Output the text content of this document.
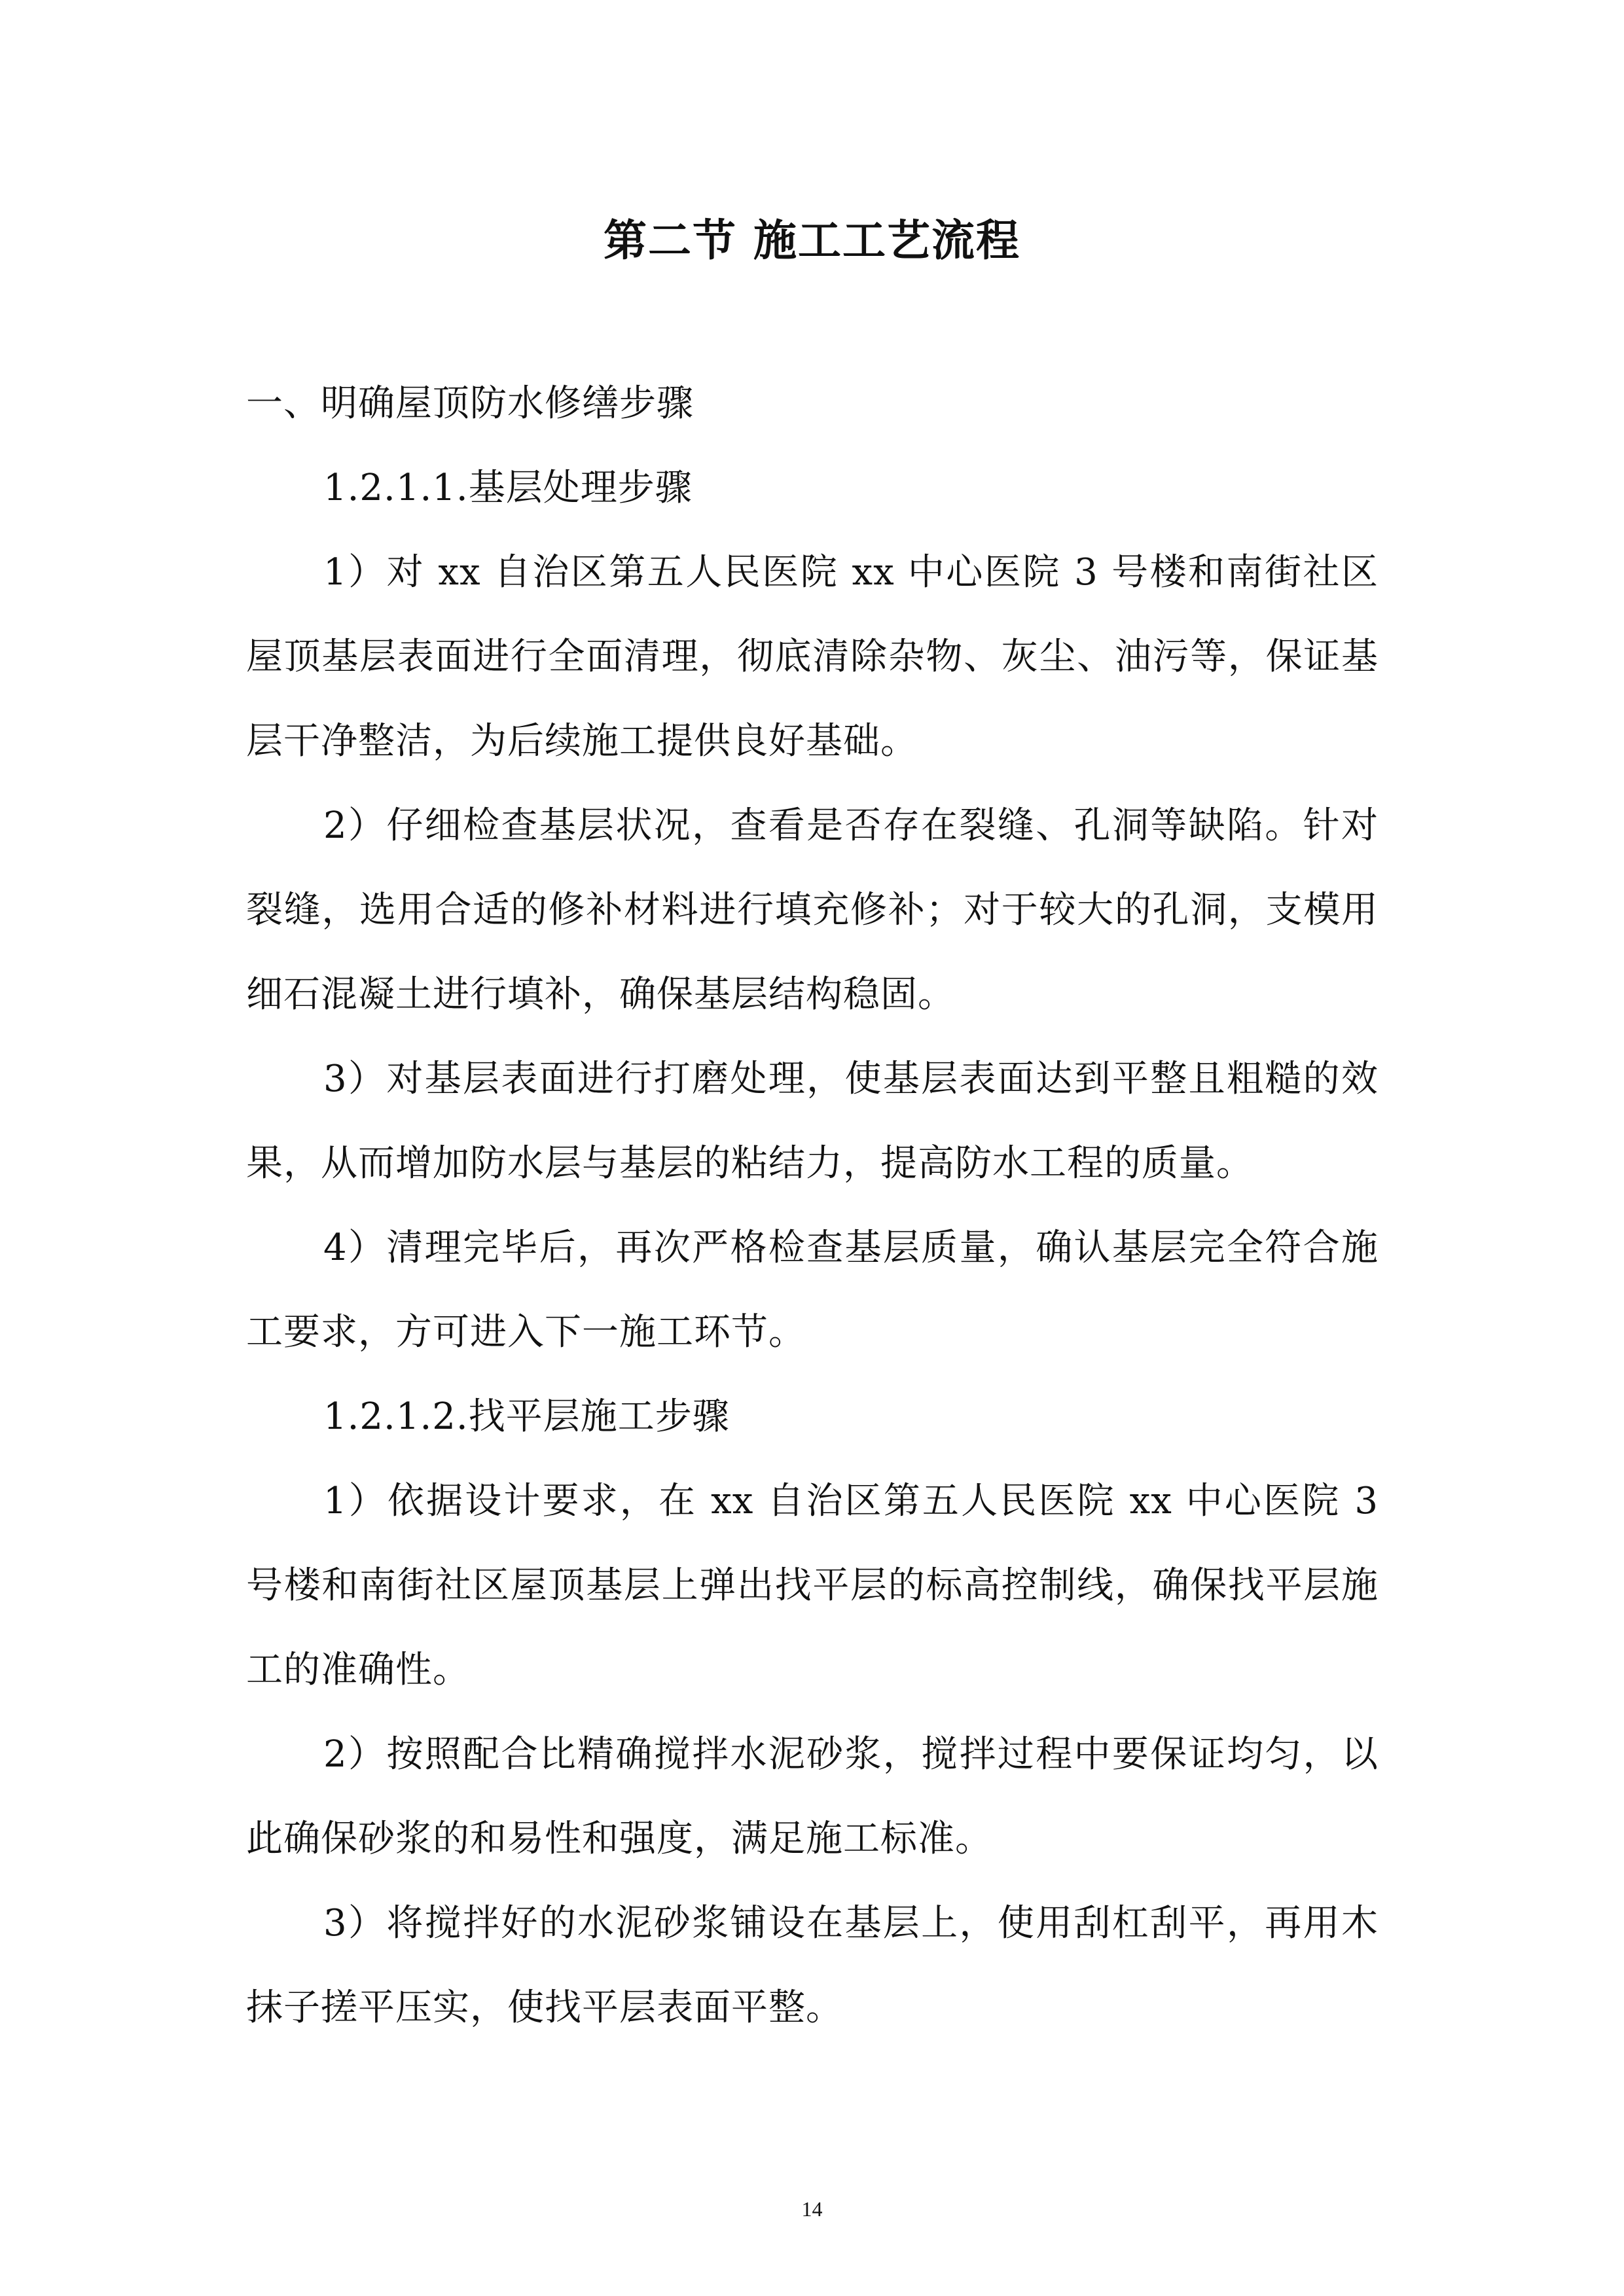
第二节 施工工艺流程

一、明确屋顶防水修缮步骤

1.2.1.1.基层处理步骤

1）对 xx 自治区第五人民医院 xx 中心医院 3 号楼和南街社区屋顶基层表面进行全面清理，彻底清除杂物、灰尘、油污等，保证基层干净整洁，为后续施工提供良好基础。

2）仔细检查基层状况，查看是否存在裂缝、孔洞等缺陷。针对裂缝，选用合适的修补材料进行填充修补；对于较大的孔洞，支模用细石混凝土进行填补，确保基层结构稳固。

3）对基层表面进行打磨处理，使基层表面达到平整且粗糙的效果，从而增加防水层与基层的粘结力，提高防水工程的质量。

4）清理完毕后，再次严格检查基层质量，确认基层完全符合施工要求，方可进入下一施工环节。

1.2.1.2.找平层施工步骤

1）依据设计要求，在 xx 自治区第五人民医院 xx 中心医院 3 号楼和南街社区屋顶基层上弹出找平层的标高控制线，确保找平层施工的准确性。

2）按照配合比精确搅拌水泥砂浆，搅拌过程中要保证均匀，以此确保砂浆的和易性和强度，满足施工标准。

3）将搅拌好的水泥砂浆铺设在基层上，使用刮杠刮平，再用木抹子搓平压实，使找平层表面平整。

14
